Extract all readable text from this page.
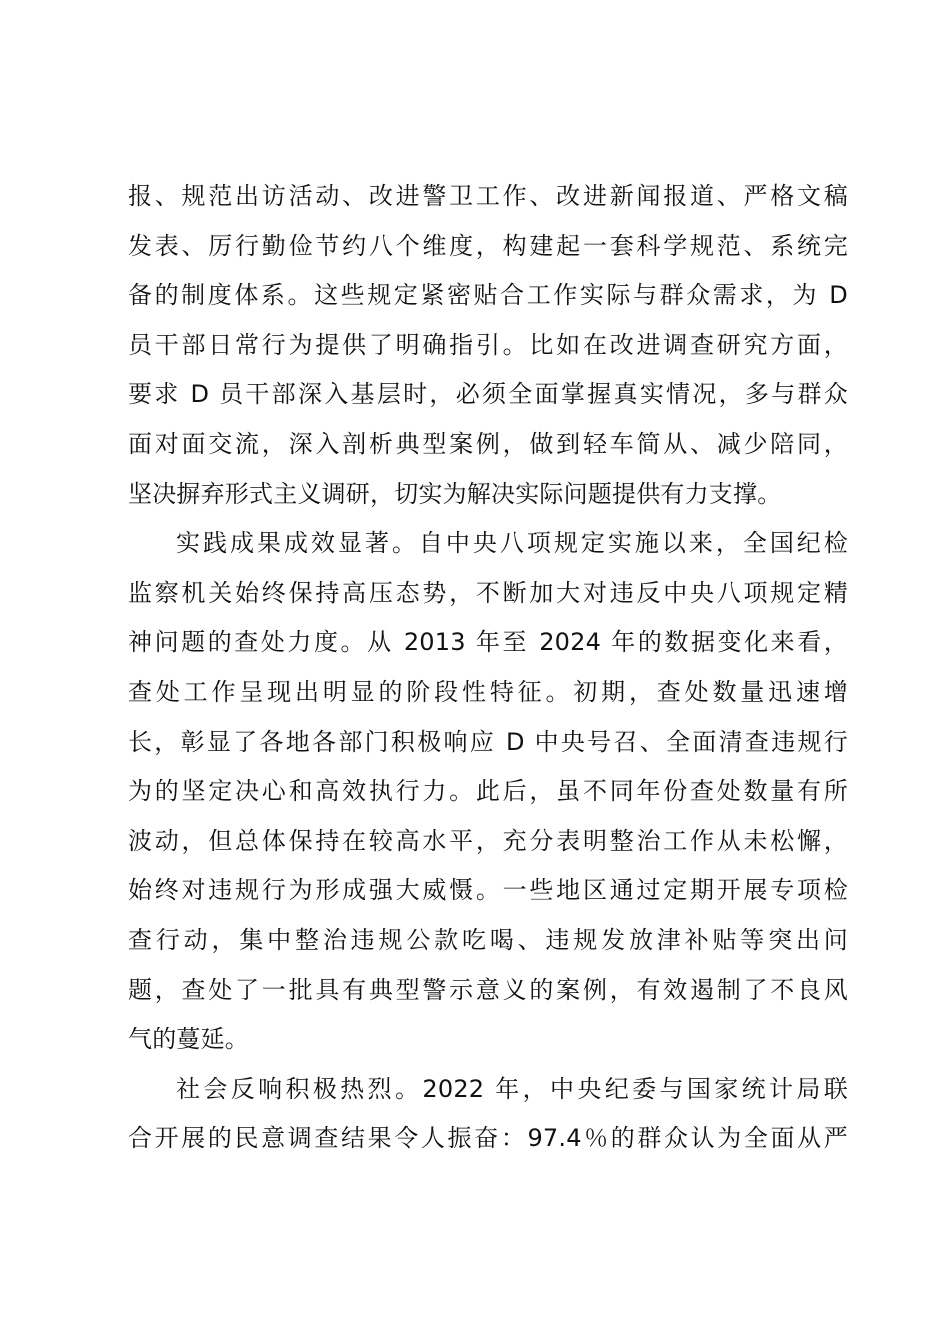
报、规范出访活动、改进警卫工作、改进新闻报道、严格文稿
发表、厉行勤俭节约八个维度，构建起一套科学规范、系统完
备的制度体系。这些规定紧密贴合工作实际与群众需求，为 D
员干部日常行为提供了明确指引。比如在改进调查研究方面，
要求 D 员干部深入基层时，必须全面掌握真实情况，多与群众
面对面交流，深入剖析典型案例，做到轻车简从、减少陪同，
坚决摒弃形式主义调研，切实为解决实际问题提供有力支撑。
实践成果成效显著。自中央八项规定实施以来，全国纪检
监察机关始终保持高压态势，不断加大对违反中央八项规定精
神问题的查处力度。从 2013 年至 2024 年的数据变化来看，
查处工作呈现出明显的阶段性特征。初期，查处数量迅速增
长，彰显了各地各部门积极响应 D 中央号召、全面清查违规行
为的坚定决心和高效执行力。此后，虽不同年份查处数量有所
波动，但总体保持在较高水平，充分表明整治工作从未松懈，
始终对违规行为形成强大威慑。一些地区通过定期开展专项检
查行动，集中整治违规公款吃喝、违规发放津补贴等突出问
题，查处了一批具有典型警示意义的案例，有效遏制了不良风
气的蔓延。
社会反响积极热烈。2022 年，中央纪委与国家统计局联
合开展的民意调查结果令人振奋：97.4％的群众认为全面从严
